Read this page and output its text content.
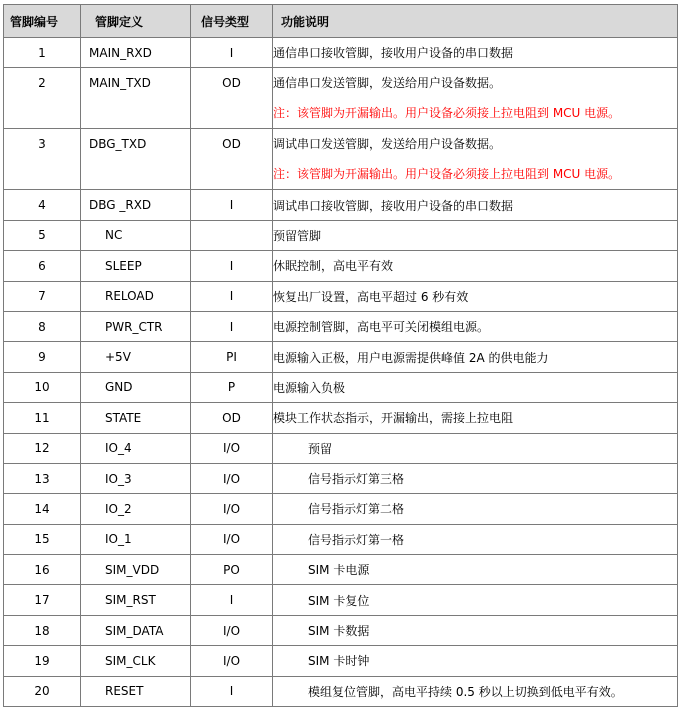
管脚编号	管脚定义	信号类型	功能说明
1	MAIN_RXD	I	通信串口接收管脚，接收用户设备的串口数据
2	MAIN_TXD	OD	通信串口发送管脚，发送给用户设备数据。
注：该管脚为开漏输出。用户设备必须接上拉电阻到 MCU 电源。

3	DBG_TXD	OD	调试串口发送管脚，发送给用户设备数据。
注：该管脚为开漏输出。用户设备必须接上拉电阻到 MCU 电源。

4	DBG _RXD	I	调试串口接收管脚，接收用户设备的串口数据
5	NC		预留管脚
6	SLEEP	I	休眠控制，高电平有效
7	RELOAD	I	恢复出厂设置，高电平超过 6 秒有效
8	PWR_CTR	I	电源控制管脚，高电平可关闭模组电源。
9	+5V	PI	电源输入正极，用户电源需提供峰值 2A 的供电能力
10	GND	P	电源输入负极
11	STATE	OD	模块工作状态指示，开漏输出，需接上拉电阻
12	IO_4	I/O	预留
13	IO_3	I/O	信号指示灯第三格
14	IO_2	I/O	信号指示灯第二格
15	IO_1	I/O	信号指示灯第一格
16	SIM_VDD	PO	SIM 卡电源
17	SIM_RST	I	SIM 卡复位
18	SIM_DATA	I/O	SIM 卡数据
19	SIM_CLK	I/O	SIM 卡时钟
20	RESET	I	模组复位管脚，高电平持续 0.5 秒以上切换到低电平有效。
